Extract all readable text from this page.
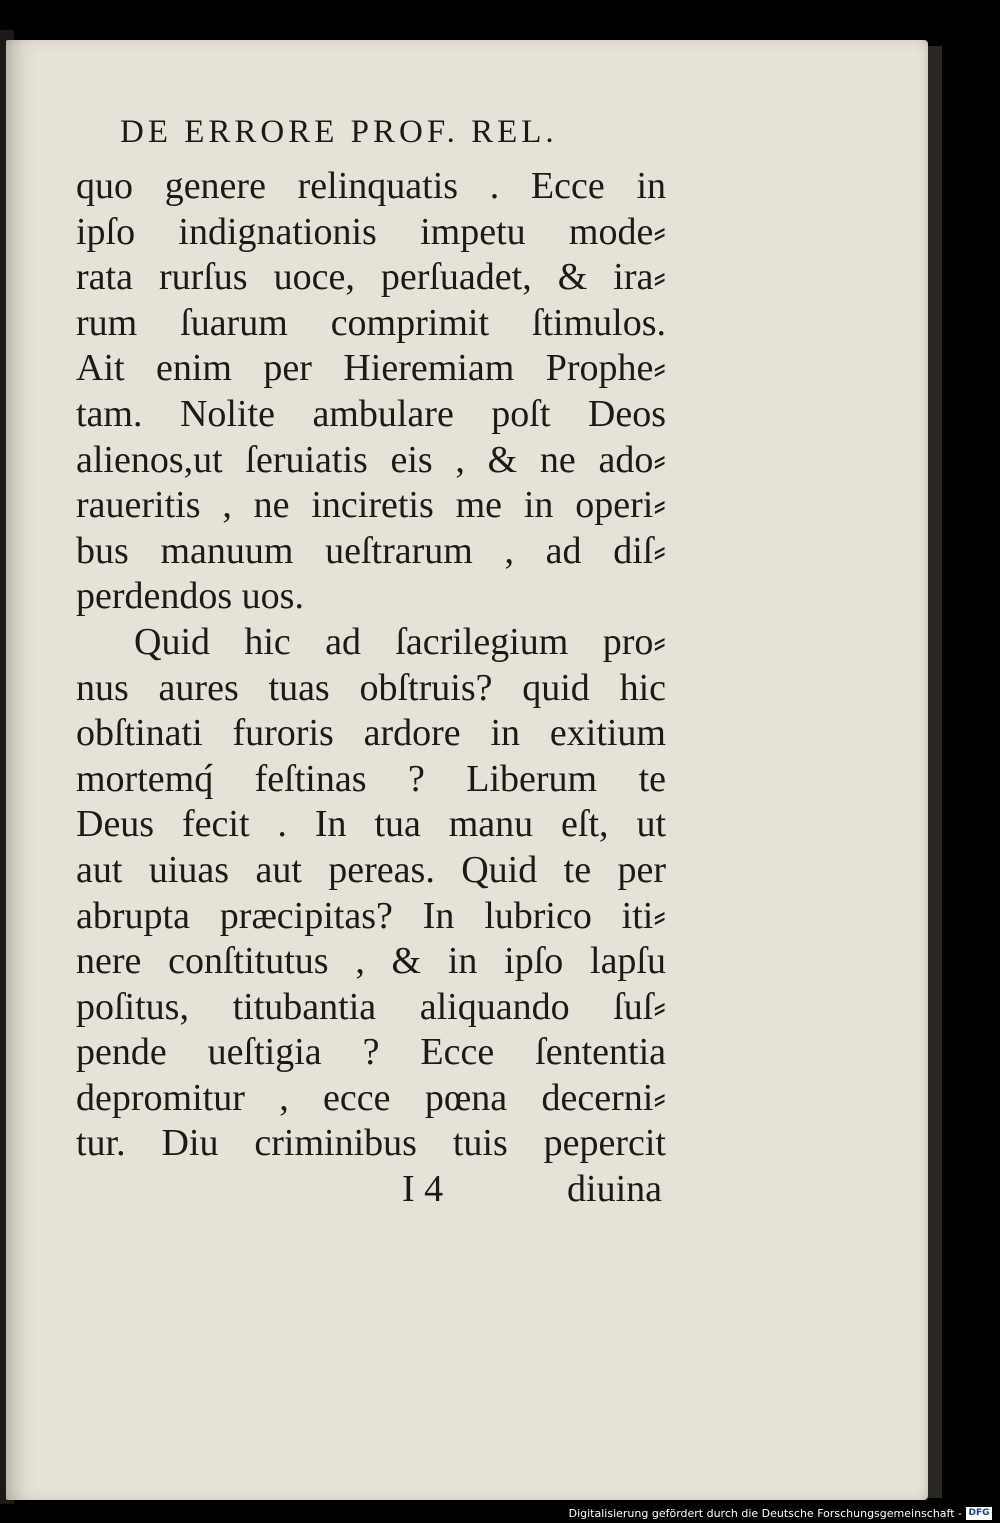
DE ERRORE PROF. REL.
quo genere relinquatis . Ecce in
ipſo indignationis impetu mode⸗
rata rurſus uoce, perſuadet, & ira⸗
rum ſuarum comprimit ſtimulos.
Ait enim per Hieremiam Prophe⸗
tam. Nolite ambulare poſt Deos
alienos,ut ſeruiatis eis , & ne ado⸗
raueritis , ne inciretis me in operi⸗
bus manuum ueſtrarum , ad diſ⸗
perdendos uos.
Quid hic ad ſacrilegium pro⸗
nus aures tuas obſtruis? quid hic
obſtinati furoris ardore in exitium
mortemq́ feſtinas ? Liberum te
Deus fecit . In tua manu eſt, ut
aut uiuas aut pereas. Quid te per
abrupta præcipitas? In lubrico iti⸗
nere conſtitutus , & in ipſo lapſu
poſitus, titubantia aliquando ſuſ⸗
pende ueſtigia ? Ecce ſententia
depromitur , ecce pœna decerni⸗
tur. Diu criminibus tuis pepercit
I 4	diuina
Digitalisierung gefördert durch die Deutsche Forschungsgemeinschaft - DFG
